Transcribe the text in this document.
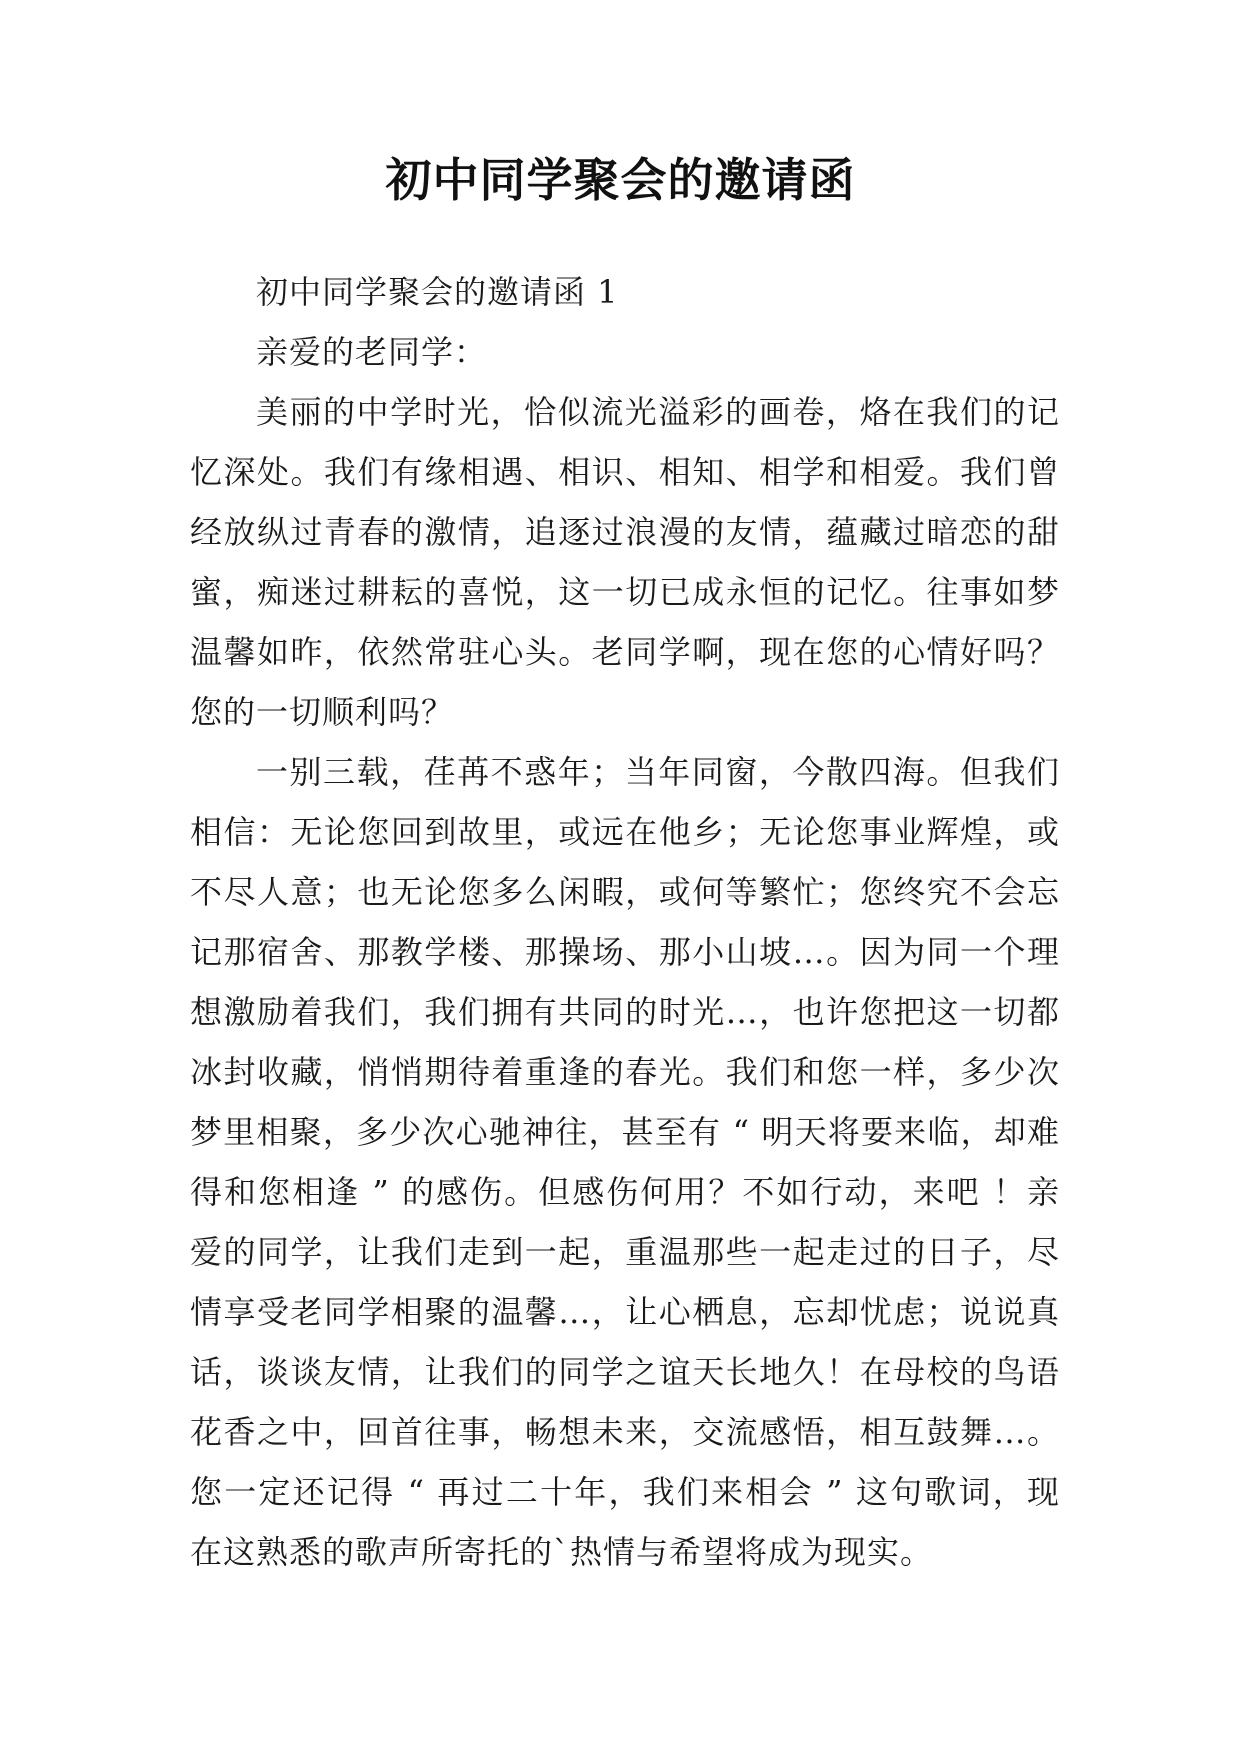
初中同学聚会的邀请函

初中同学聚会的邀请函 1

亲爱的老同学：

美丽的中学时光，恰似流光溢彩的画卷，烙在我们的记忆深处。我们有缘相遇、相识、相知、相学和相爱。我们曾经放纵过青春的激情，追逐过浪漫的友情，蕴藏过暗恋的甜蜜，痴迷过耕耘的喜悦，这一切已成永恒的记忆。往事如梦温馨如昨，依然常驻心头。老同学啊，现在您的心情好吗？您的一切顺利吗？

一别三载，荏苒不惑年；当年同窗，今散四海。但我们相信：无论您回到故里，或远在他乡；无论您事业辉煌，或不尽人意；也无论您多么闲暇，或何等繁忙；您终究不会忘记那宿舍、那教学楼、那操场、那小山坡…。因为同一个理想激励着我们，我们拥有共同的时光…，也许您把这一切都冰封收藏，悄悄期待着重逢的春光。我们和您一样，多少次梦里相聚，多少次心驰神往，甚至有 “ 明天将要来临，却难得和您相逢 ” 的感伤。但感伤何用？不如行动，来吧 ！亲爱的同学，让我们走到一起，重温那些一起走过的日子，尽情享受老同学相聚的温馨…，让心栖息，忘却忧虑；说说真话，谈谈友情，让我们的同学之谊天长地久！在母校的鸟语花香之中，回首往事，畅想未来，交流感悟，相互鼓舞…。您一定还记得 “ 再过二十年，我们来相会 ” 这句歌词，现在这熟悉的歌声所寄托的`热情与希望将成为现实。
